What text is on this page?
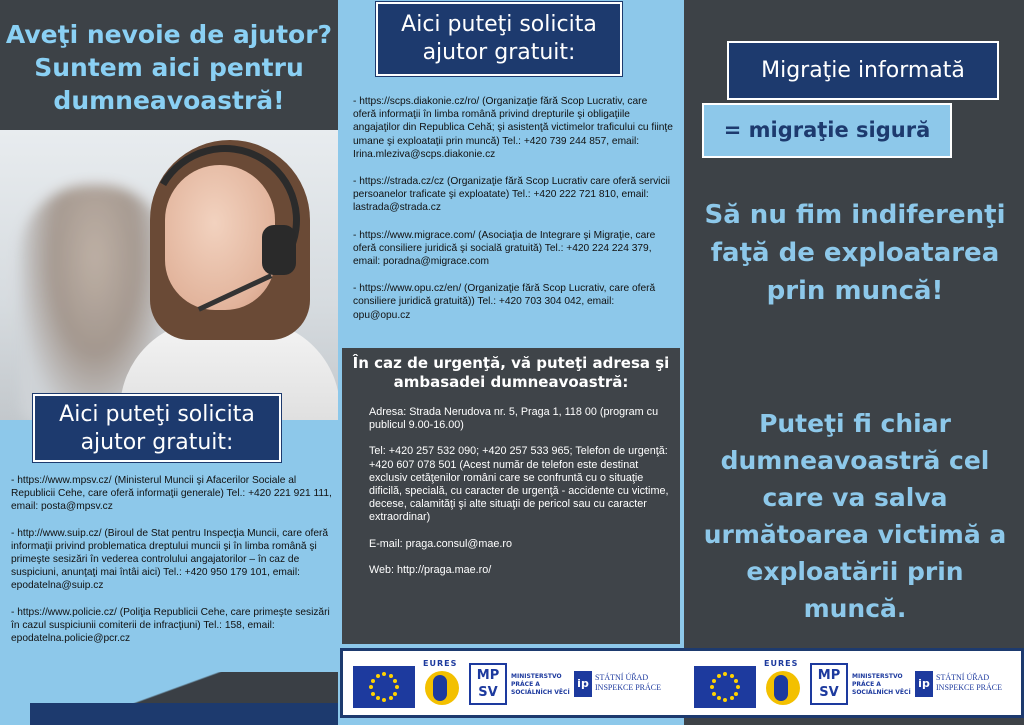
Aveţi nevoie de ajutor? Suntem aici pentru dumneavoastră!
Aici puteţi solicita ajutor gratuit:
- https://www.mpsv.cz/ (Ministerul Muncii şi Afacerilor Sociale al Republicii Cehe, care oferă informaţii generale) Tel.: +420 221 921 111, email: posta@mpsv.cz
- http://www.suip.cz/ (Biroul de Stat pentru Inspecţia Muncii, care oferă informaţii privind problematica dreptului muncii şi în limba română şi primeşte sesizări în vederea controlului angajatorilor – în caz de suspiciuni, anunţaţi mai întâi aici) Tel.: +420 950 179 101, email: epodatelna@suip.cz
- https://www.policie.cz/ (Poliţia Republicii Cehe, care primeşte sesizări în cazul suspiciunii comiterii de infracţiuni) Tel.: 158, email: epodatelna.policie@pcr.cz
Aici puteţi solicita ajutor gratuit:
- https://scps.diakonie.cz/ro/ (Organizaţie fără Scop Lucrativ, care oferă informaţii în limba română privind drepturile şi obligaţiile angajaţilor din Republica Cehă; şi asistenţă victimelor traficului cu fiinţe umane şi exploataţii prin muncă) Tel.: +420 739 244 857, email: Irina.mleziva@scps.diakonie.cz
- https://strada.cz/cz (Organizaţie fără Scop Lucrativ care oferă servicii persoanelor traficate şi exploatate) Tel.: +420 222 721 810, email: lastrada@strada.cz
- https://www.migrace.com/ (Asociaţia de Integrare şi Migraţie, care oferă consiliere juridică şi socială gratuită) Tel.: +420 224 224 379, email: poradna@migrace.com
- https://www.opu.cz/en/ (Organizaţie fără Scop Lucrativ, care oferă consiliere juridică gratuită)) Tel.: +420 703 304 042, email: opu@opu.cz
În caz de urgenţă, vă puteţi adresa şi ambasadei dumneavoastră:

Adresa: Strada Nerudova nr. 5, Praga 1, 118 00 (program cu publicul 9.00-16.00)

Tel: +420 257 532 090; +420 257 533 965; Telefon de urgenţă: +420 607 078 501 (Acest număr de telefon este destinat exclusiv cetăţenilor români care se confruntă cu o situaţie dificilă, specială, cu caracter de urgenţă - accidente cu victime, decese, calamităţi şi alte situaţii de pericol sau cu caracter extraordinar)

E-mail: praga.consul@mae.ro

Web: http://praga.mae.ro/

EURES
MP SV
MINISTERSTVO PRÁCE A SOCIÁLNÍCH VĚCÍ
ip STÁTNÍ ÚŘAD INSPEKCE PRÁCE
Migraţie informată
= migraţie sigură
Să nu fim indiferenţi faţă de exploatarea prin muncă!
Puteţi fi chiar dumneavoastră cel care va salva următoarea victimă a exploatării prin muncă.
EURES
MP SV
MINISTERSTVO PRÁCE A SOCIÁLNÍCH VĚCÍ
ip STÁTNÍ ÚŘAD INSPEKCE PRÁCE
